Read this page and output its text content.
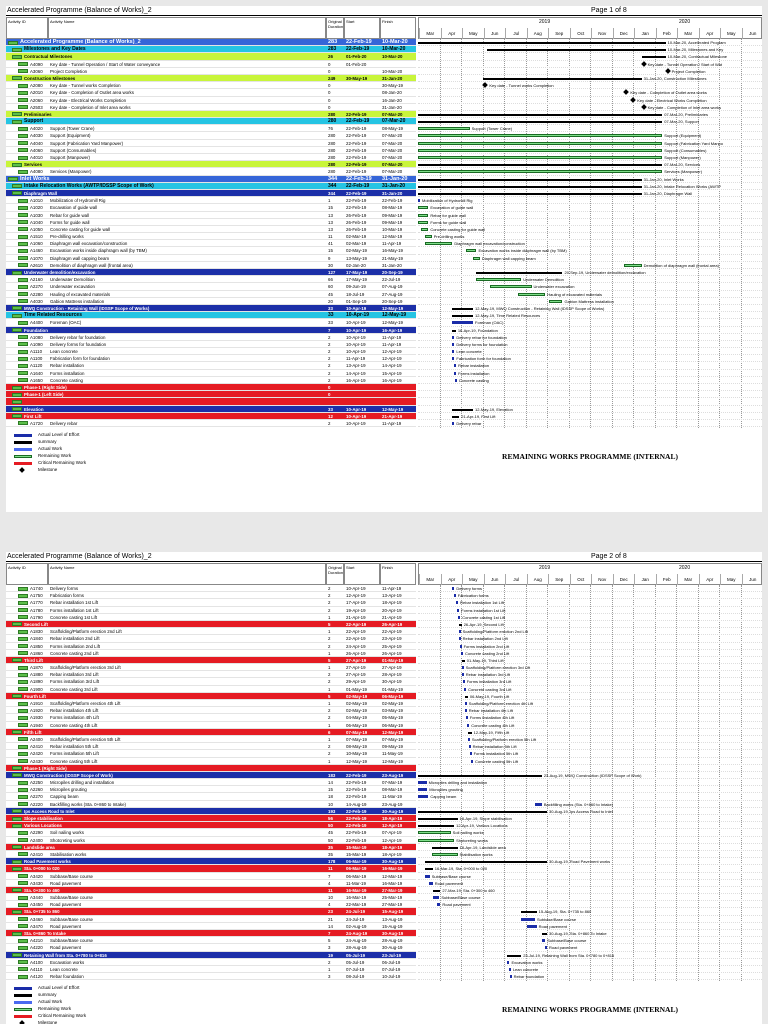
Accelerated Programme (Balance of Works)_2	Page 1 of 8
Activity ID	Activity Name	Original Duration
Start	Finish	2019	2020
Mar	Apr	May	Jun	Jul	Aug	Sep	Oct	Nov	Dec	Jan	Feb	Mar	Apr	May	Jun
Accelerated Programme (Balance of Works)_2	283 22-Feb-19 10-Mar-20
Milestones and Key Dates	283 22-Feb-19	10-Mar-20
Contractual Milestones	26	01-Feb-20	10-Mar-20
A4090 Key date - Tunnel Operation / Start of Water conveyance	0	01-Feb-20
A3060 Project Completion	0	10-Mar-20
Construction Milestones	249 30-May-19	31-Jan-20
A2080 Key date - Tunnel works Completion	0	30-May-19
A2010 Key date - Completion of Outlet area works	0	08-Jan-20
A2060 Key date - Electrical Works Completion	0	16-Jan-20
A2503 Key date - Completion of Inlet area works	0	31-Jan-20
Preliminaries	280 22-Feb-19	07-Mar-20
Support	280 22-Feb-19	07-Mar-20
A4020 Support (Tower Crane)	76	22-Feb-19	08-May-19
A4030 Support (Equipment)	280 22-Feb-19	07-Mar-20
A4040 Support (Fabrication Yard Manpower)	280 22-Feb-19	07-Mar-20
A4060 Support (Consumables)	280 22-Feb-19	07-Mar-20
A4010 Support (Manpower)	280 22-Feb-19	07-Mar-20
Services	280 22-Feb-19	07-Mar-20
A4080 Services (Manpower)	280 22-Feb-19	07-Mar-20
Inlet Works	344 22-Feb-19 31-Jan-20
Intake Relocation Works (AWTP/IDSSP Scope of Work)	344 22-Feb-19	31-Jan-20
Diaphragm Wall	344 22-Feb-19	31-Jan-20
A1010 Mobilization of Hydromill Rig	1	22-Feb-19	22-Feb-19
A1020 Excavation of guide wall	15	22-Feb-19	08-Mar-19
A1030 Rebar for guide wall	13	26-Feb-19	09-Mar-19
A1040 Forms for guide wall	13	26-Feb-19	09-Mar-19
A1050 Concrete casting for guide wall	13	26-Feb-19	10-Mar-19
A1510 Pre-drilling works	11	02-Mar-19	12-Mar-19
A1060 Diaphragm wall excavation/construction	41	02-Mar-19	11-Apr-19
A1460 Excavation works inside diaphragm wall (by TBM)	15	02-May-19	16-May-19
A1070 Diaphragm wall capping beam	9	13-May-19	21-May-19
A2610 Demolition of diaphragm wall (frontal area)	30	02-Jan-20	31-Jan-20
Underwater demolition/excavation	127 17-May-19	20-Sep-19
A2160 Underwater Demolition	66	17-May-19	22-Jul-19
A2270 Underwater excavation	60	09-Jun-19	07-Aug-19
A2280 Hauling of excavated materials	45	18-Jul-19	27-Aug-19
A4030 Gabion Mattress installation	20	01-Sep-19	20-Sep-19
MWQ Construction - Retaining Wall (IDSSP Scope of Works)	33	10-Apr-19	12-May-19
Time Related Resources	33 10-Apr-19	12-May-19
A4400 Foreman (OAC)	33	10-Apr-19	12-May-19
Foundation	7	10-Apr-19	16-Apr-19
A1080 Delivery rebar for foundation	2	10-Apr-19	11-Apr-19
A1090 Delivery forms for foundation	2	10-Apr-19	11-Apr-19
A1110 Lean concrete	2	10-Apr-19	12-Apr-19
A1100 Fabrication form for foundation	2	11-Apr-19	12-Apr-19
A1120 Rebar installation	2	13-Apr-19	14-Apr-19
A1640 Forms installation	2	14-Apr-19	15-Apr-19
A1650 Concrete casting	2	16-Apr-19	16-Apr-19
Phase-1 (Right Side)	0
Phase-1 (Left Side)	0
Elevation	33	10-Apr-19	12-May-19
First Lift	12	10-Apr-19	21-Apr-19
A1720 Delivery rebar	2	10-Apr-19	11-Apr-19
10-Mar-20, Accelerated Program
10-Mar-20, Milestones and Key
10-Mar-20, Contractual Milestone
Key date - Tunnel Operation / Start of Wat
Project Completion
31-Jan-20, Construction Milestones
Key date - Tunnel works Completion
Key date - Completion of Outlet area works
Key date - Electrical Works Completion
Key date - Completion of Inlet area works
07-Mar-20, Preliminaries
07-Mar-20, Support
Support (Tower Crane)
Support (Equipment)
Support (Fabrication Yard Manpo
Support (Consumables)
Support (Manpower)
07-Mar-20, Services
Services (Manpower)
31-Jan-20, Inlet Works
31-Jan-20, Intake Relocation Works (AWTP
31-Jan-20, Diaphragm Wall
Mobilization of Hydromill Rig
Excavation of guide wall
Rebar for guide wall
Forms for guide wall
Concrete casting for guide wall
Pre-drilling works
Diaphragm wall excavation/construction
Excavation works inside diaphragm wall (by TBM)
Diaphragm wall capping beam
Demolition of diaphragm wall (frontal area)
20-Sep-19, Underwater demolition/excavation
Underwater Demolition
Underwater excavation
Hauling of excavated materials
Gabion Mattress installation
12-May-19, MWQ Construction - Retaining Wall (IDSSP Scope of Works)
12-May-19, Time Related Resources
Foreman (OAC)
16-Apr-19, Foundation
Delivery rebar for foundation
Delivery forms for foundation
Lean concrete
Fabrication form for foundation
Rebar installation
Forms installation
Concrete casting
12-May-19, Elevation
21-Apr-19, First Lift
Delivery rebar
Actual Level of Effort
summary
Actual Work
Remaining Work
Critical Remaining Work
Milestone
REMAINING WORKS PROGRAMME (INTERNAL)
Accelerated Programme (Balance of Works)_2	Page 2 of 8
Activity ID	Activity Name	Original Duration
Start	Finish	2019	2020
Mar	Apr	May	Jun	Jul	Aug	Sep	Oct	Nov	Dec	Jan	Feb	Mar	Apr	May	Jun
A1740 Delivery forms	2	10-Apr-19	11-Apr-19
A1750 Fabrication forms	2	12-Apr-19	13-Apr-19
A1770 Rebar installation 1st Lift	2	17-Apr-19	18-Apr-19
A1780 Forms installation 1st Lift	2	19-Apr-19	20-Apr-19
A1790 Concrete casting 1st Lift	1	21-Apr-19	21-Apr-19
Second Lift	5	22-Apr-19	26-Apr-19
A1830 Scaffolding/Platform erection 2nd Lift	1	22-Apr-19	22-Apr-19
A1840 Rebar installation 2nd Lift	2	22-Apr-19	23-Apr-19
A1850 Forms installation 2nd Lift	2	24-Apr-19	25-Apr-19
A1860 Concrete casting 2nd Lift	1	26-Apr-19	26-Apr-19
Third Lift	5	27-Apr-19	01-May-19
A1870 Scaffolding/Platform erection 3rd Lift	1	27-Apr-19	27-Apr-19
A1880 Rebar installation 3rd Lift	2	27-Apr-19	28-Apr-19
A1890 Forms installation 3rd Lift	2	29-Apr-19	30-Apr-19
A1900 Concrete casting 3rd Lift	1	01-May-19	01-May-19
Fourth Lift	5	02-May-19	06-May-19
A1910 Scaffolding/Platform erection 4th Lift	1	02-May-19	02-May-19
A1920 Rebar installation 4th Lift	2	02-May-19	03-May-19
A1930 Forms installation 4th Lift	2	04-May-19	05-May-19
A1940 Concrete casting 4th Lift	1	06-May-19	06-May-19
Fifth Lift	6	07-May-19	12-May-19
A2400 Scaffolding/Platform erection 5th Lift	1	07-May-19	07-May-19
A2410 Rebar installation 5th Lift	2	08-May-19	09-May-19
A2420 Forms installation 5th Lift	2	10-May-19	11-May-19
A2430 Concrete casting 5th Lift	1	12-May-19	12-May-19
Phase-1 (Right Side)
MWQ Construction (IDSSP Scope of Work)	183 22-Feb-19	23-Aug-19
A2250 Micropiles drilling and installation	14	22-Feb-19	07-Mar-19
A2260 Micropiles grouting	15	22-Feb-19	08-Mar-19
A2270 Capping beam	18	22-Feb-19	11-Mar-19
A2220 Backfilling works (Sta. 0+860 to Intake)	10	14-Aug-19	23-Aug-19
Ips Access Road to Inlet	193 22-Feb-19	30-Aug-19
Slope stabilisation	56	22-Feb-19	18-Apr-19
Various Locations	50	22-Feb-19	12-Apr-19
A2290 Soil nailing works	45	22-Feb-19	07-Apr-19
A2400 Shotcreting works	50	22-Feb-19	12-Apr-19
Landslide area	35	15-Mar-19	18-Apr-19
A2410 Stabilisation works	35	15-Mar-19	18-Apr-19
Road Pavement works	178 06-Mar-19	30-Aug-19
Sta. 0+000 to 020	11	06-Mar-19	16-Mar-19
A3420 Subbase/Base course	7	06-Mar-19	12-Mar-19
A3430 Road pavement	4	11-Mar-19	16-Mar-19
Sta. 0+300 to 460	11	16-Mar-19	27-Mar-19
A3440 Subbase/Base course	10	16-Mar-19	25-Mar-19
A3450 Road pavement	4	22-Mar-19	27-Mar-19
Sta. 0+735 to 860	23	24-Jul-19	15-Aug-19
A3460 Subbase/Base course	21	24-Jul-19	13-Aug-19
A3470 Road pavement	14	02-Aug-19	15-Aug-19
Sta. 0+860 To Intake	7	24-Aug-19	30-Aug-19
A4210 Subbase/Base course	5	24-Aug-19	28-Aug-19
A4220 Road pavement	3	28-Aug-19	30-Aug-19
Retaining Wall from Sta. 0+780 to 0+816	19	05-Jul-19	23-Jul-19
A4100 Excavation works	2	05-Jul-19	06-Jul-19
A4110 Lean concrete	1	07-Jul-19	07-Jul-19
A4120 Rebar foundation	3	08-Jul-19	10-Jul-19
Delivery forms
Fabrication forms
Rebar installation 1st Lift
Forms installation 1st Lift
Concrete casting 1st Lift
26-Apr-19, Second Lift
Scaffolding/Platform erection 2nd Lift
Rebar installation 2nd Lift
Forms installation 2nd Lift
Concrete casting 2nd Lift
01-May-19, Third Lift
Scaffolding/Platform erection 3rd Lift
Rebar installation 3rd Lift
Forms installation 3rd Lift
Concrete casting 3rd Lift
06-May-19, Fourth Lift
Scaffolding/Platform erection 4th Lift
Rebar installation 4th Lift
Forms installation 4th Lift
Concrete casting 4th Lift
12-May-19, Fifth Lift
Scaffolding/Platform erection 5th Lift
Rebar installation 5th Lift
Forms installation 5th Lift
Concrete casting 5th Lift
23-Aug-19, MWQ Construction (IDSSP Scope of Work)
Micropiles drilling and installation
Micropiles grouting
Capping beam
Backfilling works (Sta. 0+860 to Intake)
30-Aug-19, Ips Access Road to Inlet
18-Apr-19, Slope stabilisation
12-Apr-19, Various Locations
Soil nailing works
Shotcreting works
18-Apr-19, Landslide area
Stabilisation works
30-Aug-19, Road Pavement works
16-Mar-19, Sta. 0+000 to 020
Subbase/Base course
Road pavement
27-Mar-19, Sta. 0+300 to 460
Subbase/Base course
Road pavement
15-Aug-19, Sta. 0+735 to 860
Subbase/Base course
Road pavement
30-Aug-19, Sta. 0+860 To Intake
Subbase/Base course
Road pavement
23-Jul-19, Retaining Wall from Sta. 0+780 to 0+816
Excavation works
Lean concrete
Rebar foundation
Actual Level of Effort
summary
Actual Work
Remaining Work
Critical Remaining Work
Milestone
REMAINING WORKS PROGRAMME (INTERNAL)
